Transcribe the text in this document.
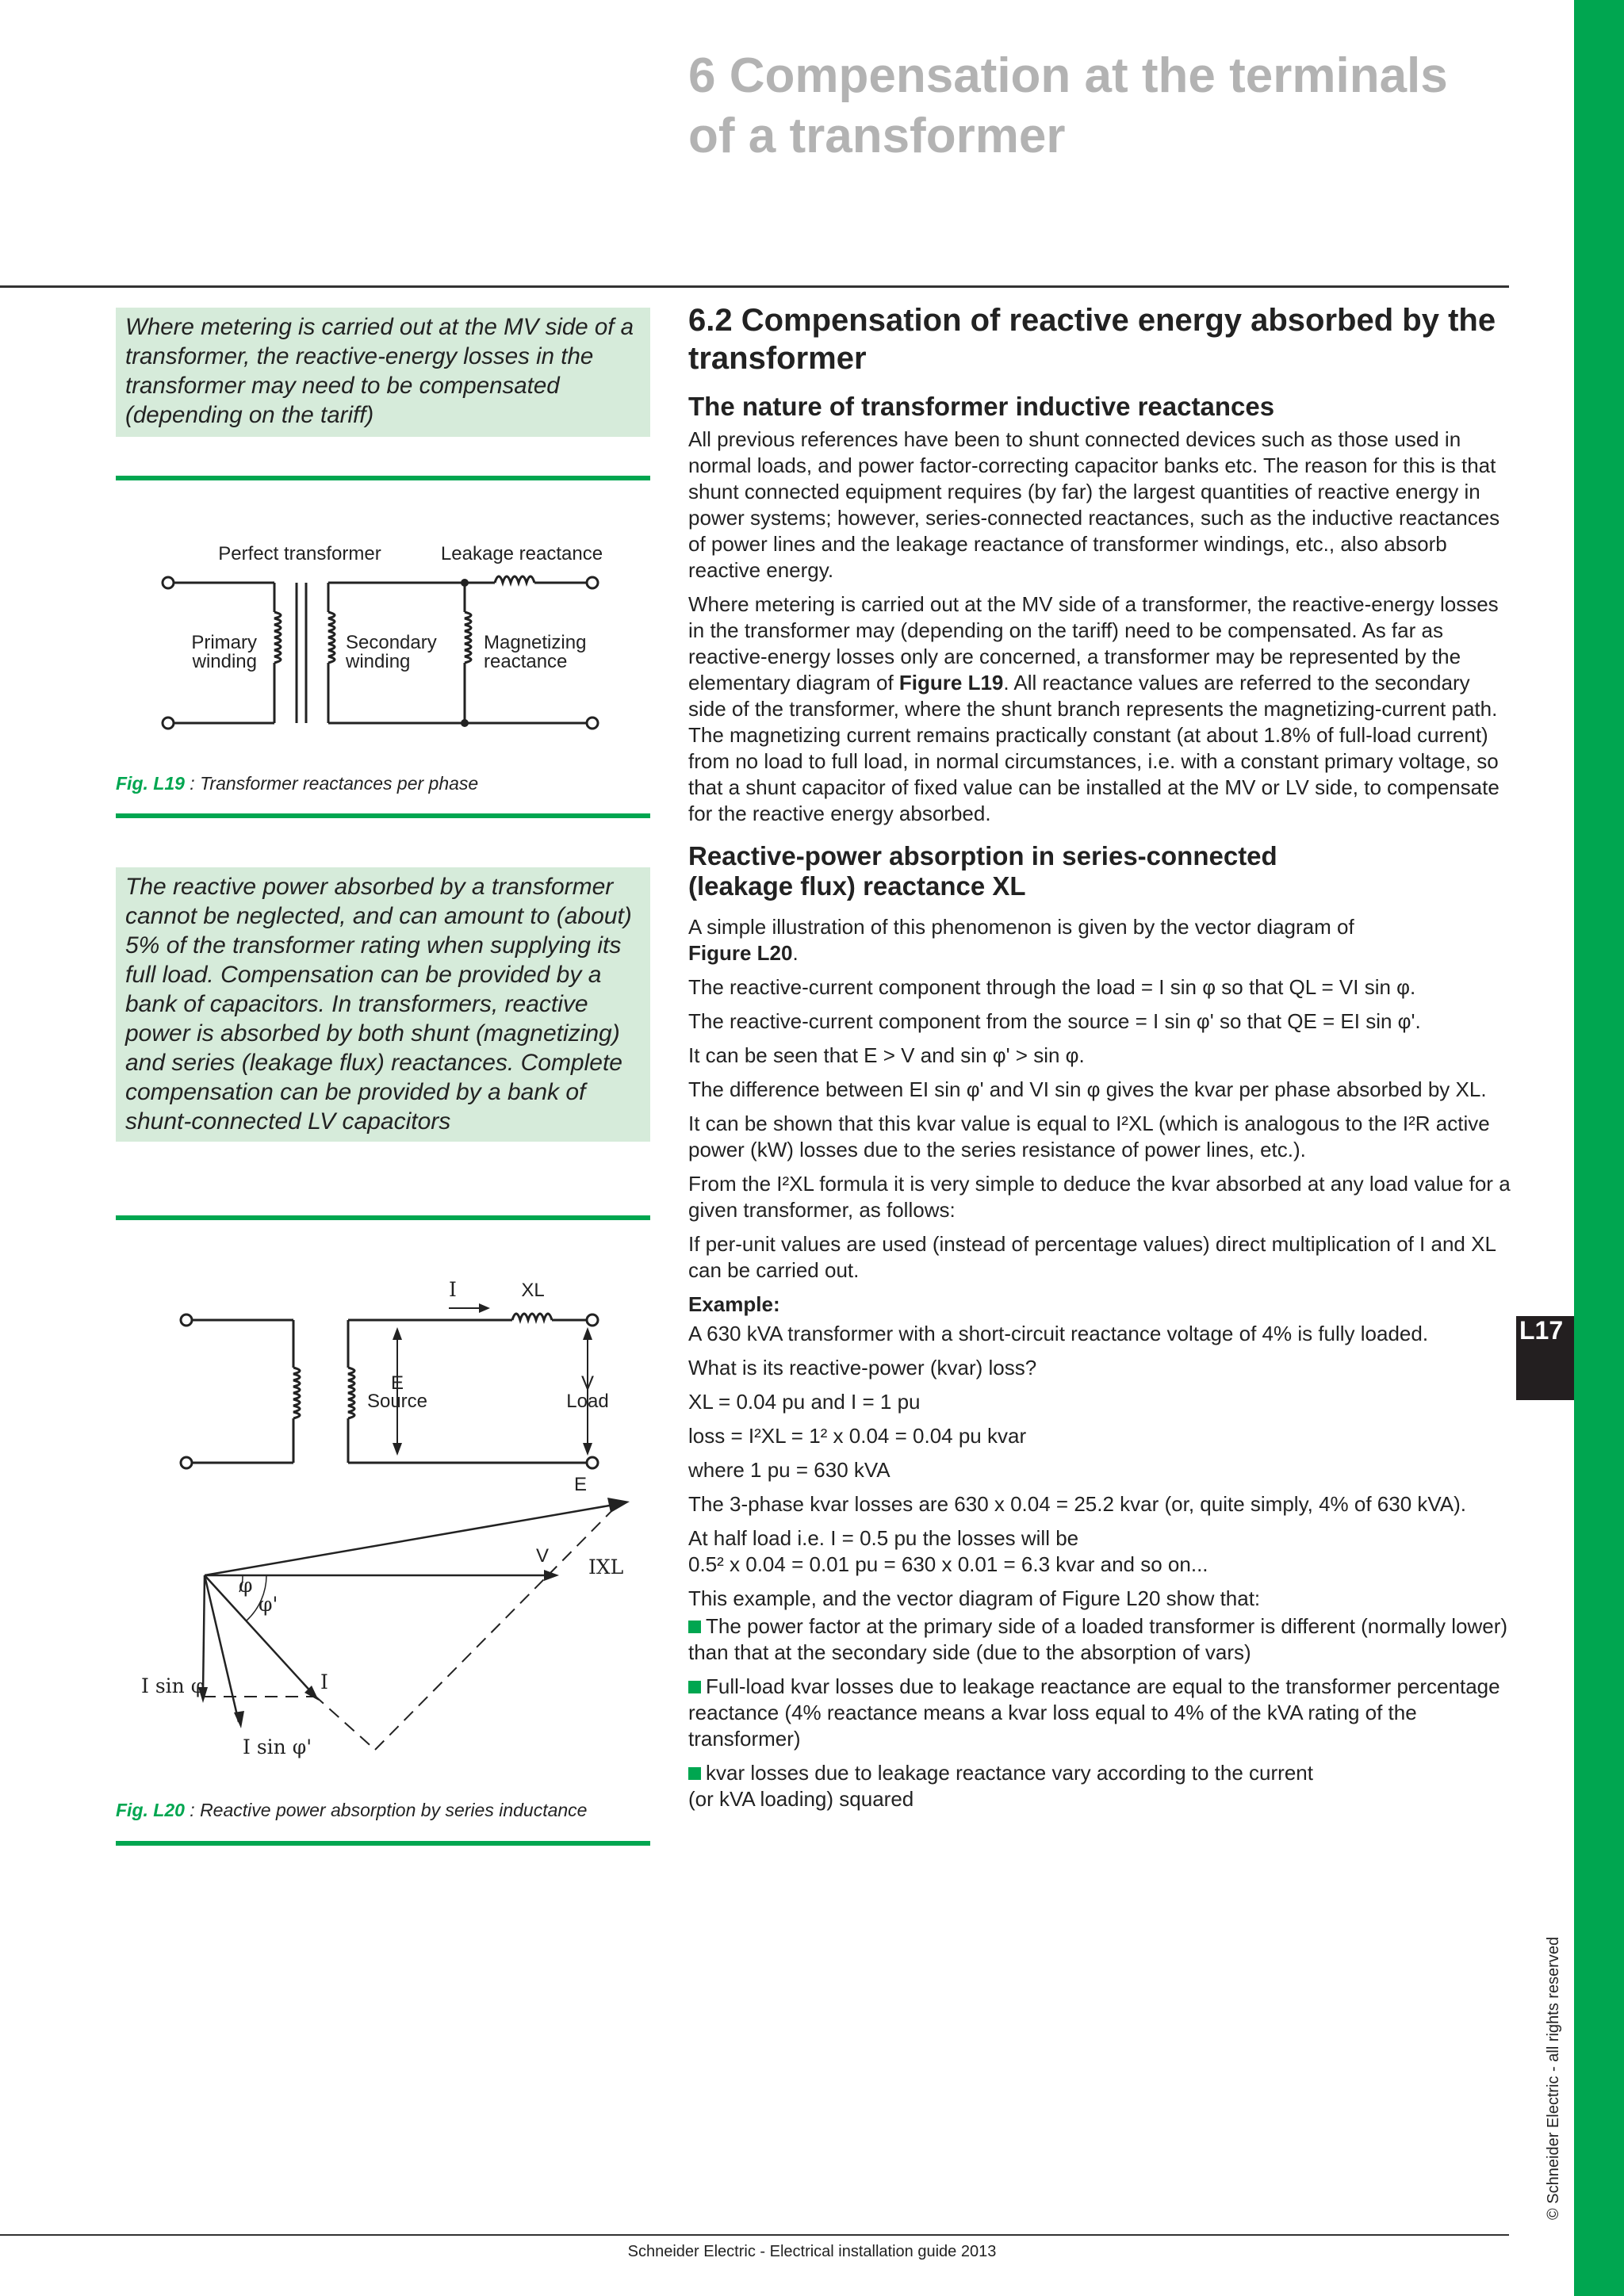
6 Compensation at the terminals
of a transformer
Where metering is carried out at the MV side of a transformer, the reactive-energy losses in the transformer may need to be compensated (depending on the tariff)
Perfect transformer	Leakage reactance
Primary
winding
Secondary
winding
Magnetizing
reactance
Fig. L19 : Transformer reactances per phase
The reactive power absorbed by a transformer cannot be neglected, and can amount to (about) 5% of the transformer rating when supplying its full load. Compensation can be provided by a bank of capacitors. In transformers, reactive power is absorbed by both shunt (magnetizing) and series (leakage flux) reactances. Complete compensation can be provided by a bank of shunt-connected LV capacitors
I	XL
E
Source
V
Load
E
V IXL
φ
φ'
I sin φ	I
I sin φ'
Fig. L20 : Reactive power absorption by series inductance
6.2 Compensation of reactive energy absorbed by the transformer
The nature of transformer inductive reactances

All previous references have been to shunt connected devices such as those used in normal loads, and power factor-correcting capacitor banks etc. The reason for this is that shunt connected equipment requires (by far) the largest quantities of reactive energy in power systems; however, series-connected reactances, such as the inductive reactances of power lines and the leakage reactance of transformer windings, etc., also absorb reactive energy.

Where metering is carried out at the MV side of a transformer, the reactive-energy losses in the transformer may (depending on the tariff) need to be compensated. As far as reactive-energy losses only are concerned, a transformer may be represented by the elementary diagram of Figure L19. All reactance values are referred to the secondary side of the transformer, where the shunt branch represents the magnetizing-current path. The magnetizing current remains practically constant (at about 1.8% of full-load current) from no load to full load, in normal circumstances, i.e. with a constant primary voltage, so that a shunt capacitor of fixed value can be installed at the MV or LV side, to compensate for the reactive energy absorbed.

Reactive-power absorption in series-connected
(leakage flux) reactance XL

A simple illustration of this phenomenon is given by the vector diagram of
Figure L20.

The reactive-current component through the load = I sin φ so that QL = VI sin φ.

The reactive-current component from the source = I sin φ' so that QE = EI sin φ'.

It can be seen that E > V and sin φ' > sin φ.

The difference between EI sin φ' and VI sin φ gives the kvar per phase absorbed by XL.

It can be shown that this kvar value is equal to I²XL (which is analogous to the I²R active power (kW) losses due to the series resistance of power lines, etc.).

From the I²XL formula it is very simple to deduce the kvar absorbed at any load value for a given transformer, as follows:

If per-unit values are used (instead of percentage values) direct multiplication of I and XL can be carried out.

Example:

A 630 kVA transformer with a short-circuit reactance voltage of 4% is fully loaded.

What is its reactive-power (kvar) loss?

XL = 0.04 pu and I = 1 pu

loss = I²XL = 1² x 0.04 = 0.04 pu kvar

where 1 pu = 630 kVA

The 3-phase kvar losses are 630 x 0.04 = 25.2 kvar (or, quite simply, 4% of 630 kVA).

At half load i.e. I = 0.5 pu the losses will be
0.5² x 0.04 = 0.01 pu = 630 x 0.01 = 6.3 kvar and so on...

This example, and the vector diagram of Figure L20 show that:

The power factor at the primary side of a loaded transformer is different (normally lower) than that at the secondary side (due to the absorption of vars)

Full-load kvar losses due to leakage reactance are equal to the transformer percentage reactance (4% reactance means a kvar loss equal to 4% of the kVA rating of the transformer)

kvar losses due to leakage reactance vary according to the current
(or kVA loading) squared

L17
© Schneider Electric - all rights reserved
Schneider Electric - Electrical installation guide 2013
